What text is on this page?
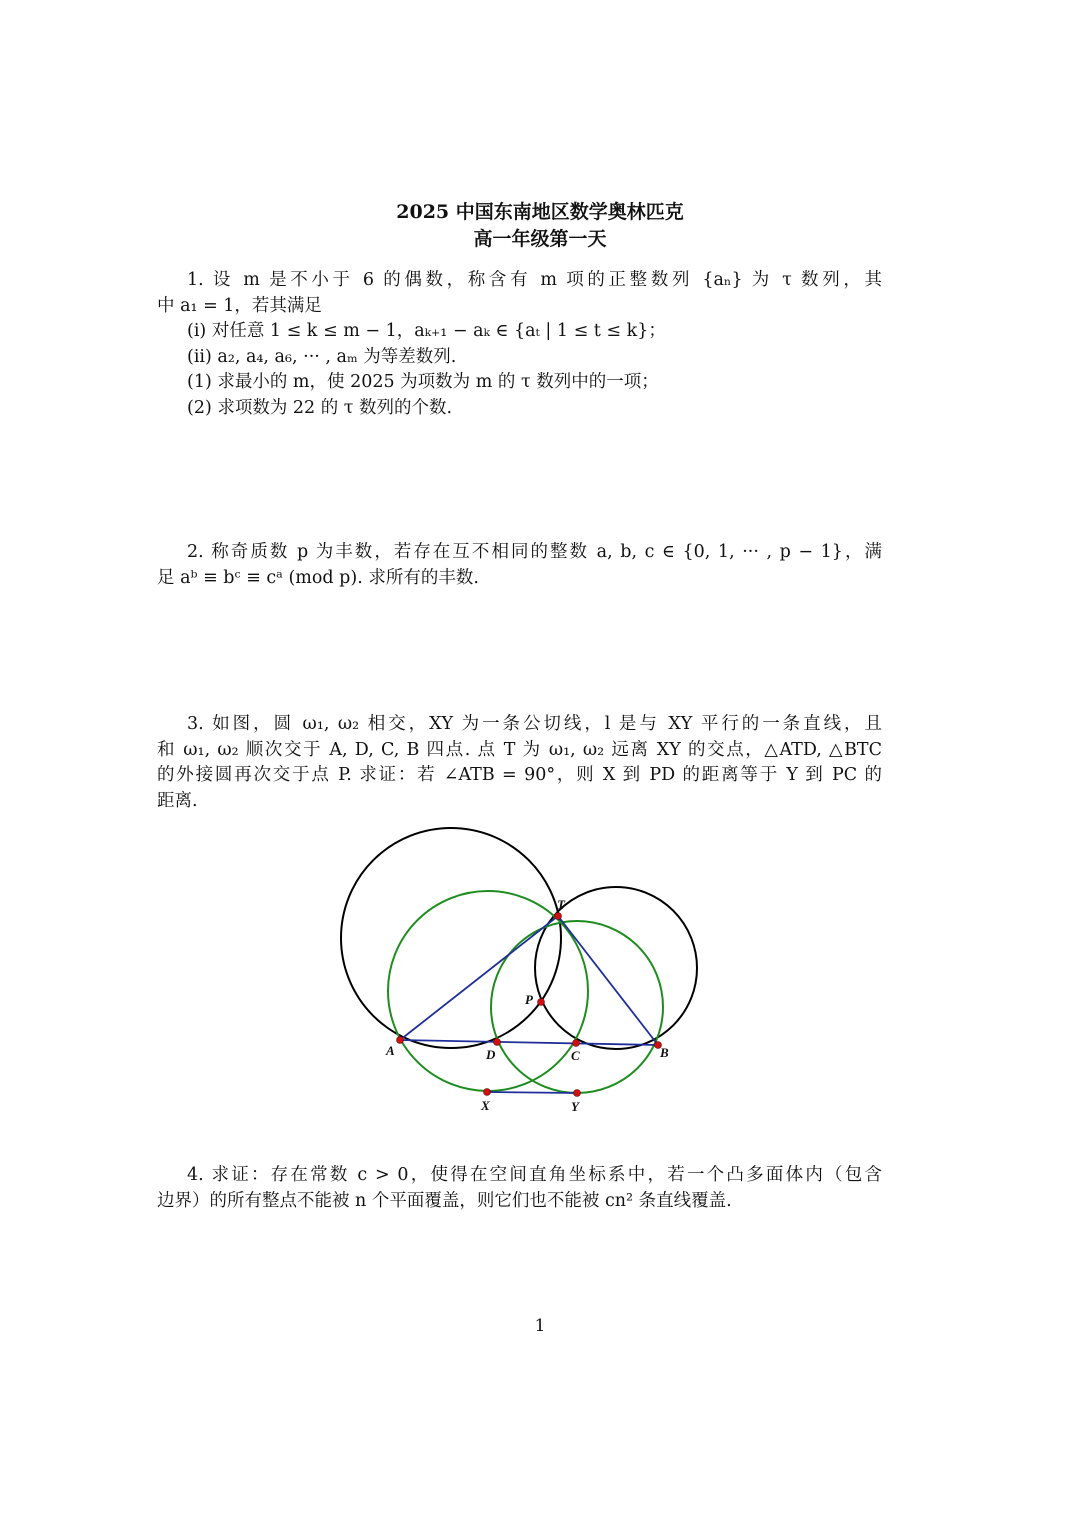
2025 中国东南地区数学奥林匹克
高一年级第一天
1. 设 m 是不小于 6 的偶数，称含有 m 项的正整数列 {aₙ} 为 τ 数列，其
中 a₁ = 1，若其满足
(i) 对任意 1 ≤ k ≤ m − 1，aₖ₊₁ − aₖ ∈ {aₜ | 1 ≤ t ≤ k}；
(ii) a₂, a₄, a₆, ··· , aₘ 为等差数列.
(1) 求最小的 m，使 2025 为项数为 m 的 τ 数列中的一项；
(2) 求项数为 22 的 τ 数列的个数.
2. 称奇质数 p 为丰数，若存在互不相同的整数 a, b, c ∈ {0, 1, ··· , p − 1}，满
足 aᵇ ≡ bᶜ ≡ cᵃ (mod p). 求所有的丰数.
3. 如图，圆 ω₁, ω₂ 相交，XY 为一条公切线，l 是与 XY 平行的一条直线，且
和 ω₁, ω₂ 顺次交于 A, D, C, B 四点. 点 T 为 ω₁, ω₂ 远离 XY 的交点，△ATD, △BTC
的外接圆再次交于点 P. 求证：若 ∠ATB = 90°，则 X 到 PD 的距离等于 Y 到 PC 的
距离.
T
P
A	D	C	B
X	Y
4. 求证：存在常数 c > 0，使得在空间直角坐标系中，若一个凸多面体内（包含
边界）的所有整点不能被 n 个平面覆盖，则它们也不能被 cn² 条直线覆盖.
1
